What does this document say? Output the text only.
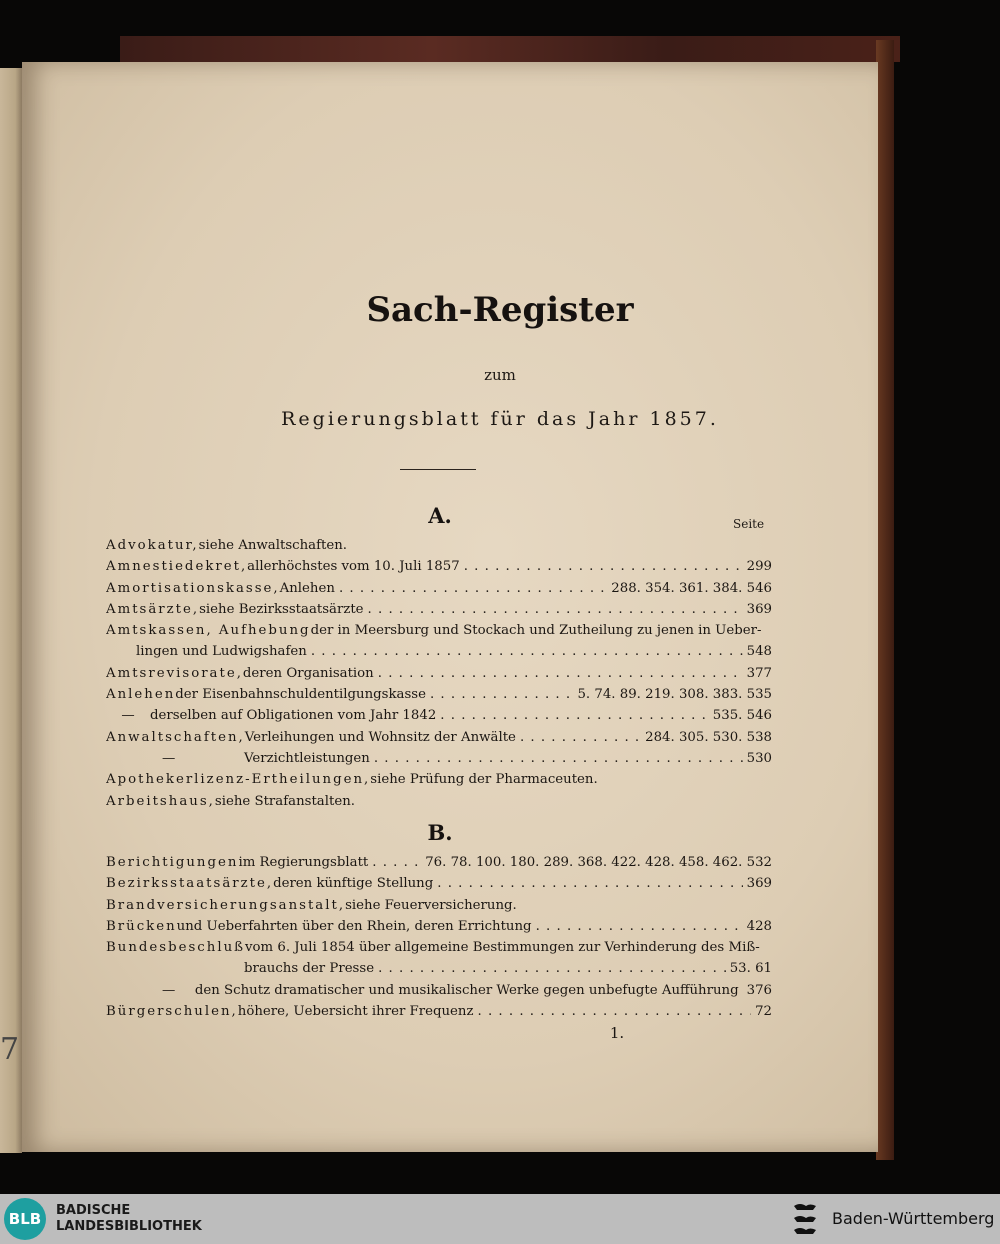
7
Sach-Register
zum
Regierungsblatt für das Jahr 1857.
A.	Seite
Advokatur, siehe Anwaltschaften.
Amnestiedekret, allerhöchstes vom 10. Juli 1857 . . .	299
Amortisationskasse, Anlehen . . .	288. 354. 361. 384. 546
Amtsärzte, siehe Bezirksstaatsärzte . . .	369
Amtskassen, Aufhebung der in Meersburg und Stockach und Zutheilung zu jenen in Ueber-
lingen und Ludwigshafen . . .	548
Amtsrevisorate, deren Organisation . . .	377
Anlehen der Eisenbahnschuldentilgungskasse . . .	5. 74. 89. 219. 308. 383. 535
—	derselben auf Obligationen vom Jahr 1842 . . .	535. 546
Anwaltschaften, Verleihungen und Wohnsitz der Anwälte . . .	284. 305. 530. 538
—	Verzichtleistungen . . .	530
Apothekerlizenz-Ertheilungen, siehe Prüfung der Pharmaceuten.
Arbeitshaus, siehe Strafanstalten.
B.
Berichtigungen im Regierungsblatt . . .	76. 78. 100. 180. 289. 368. 422. 428. 458. 462. 532
Bezirksstaatsärzte, deren künftige Stellung . . .	369
Brandversicherungsanstalt, siehe Feuerversicherung.
Brücken und Ueberfahrten über den Rhein, deren Errichtung . . .	428
Bundesbeschluß vom 6. Juli 1854 über allgemeine Bestimmungen zur Verhinderung des Miß-
brauchs der Presse . . .	53. 61
—	den Schutz dramatischer und musikalischer Werke gegen unbefugte Aufführung 376
Bürgerschulen, höhere, Uebersicht ihrer Frequenz . . .	72
1.
BLB	BADISCHE
LANDESBIBLIOTHEK	Baden-Württemberg
